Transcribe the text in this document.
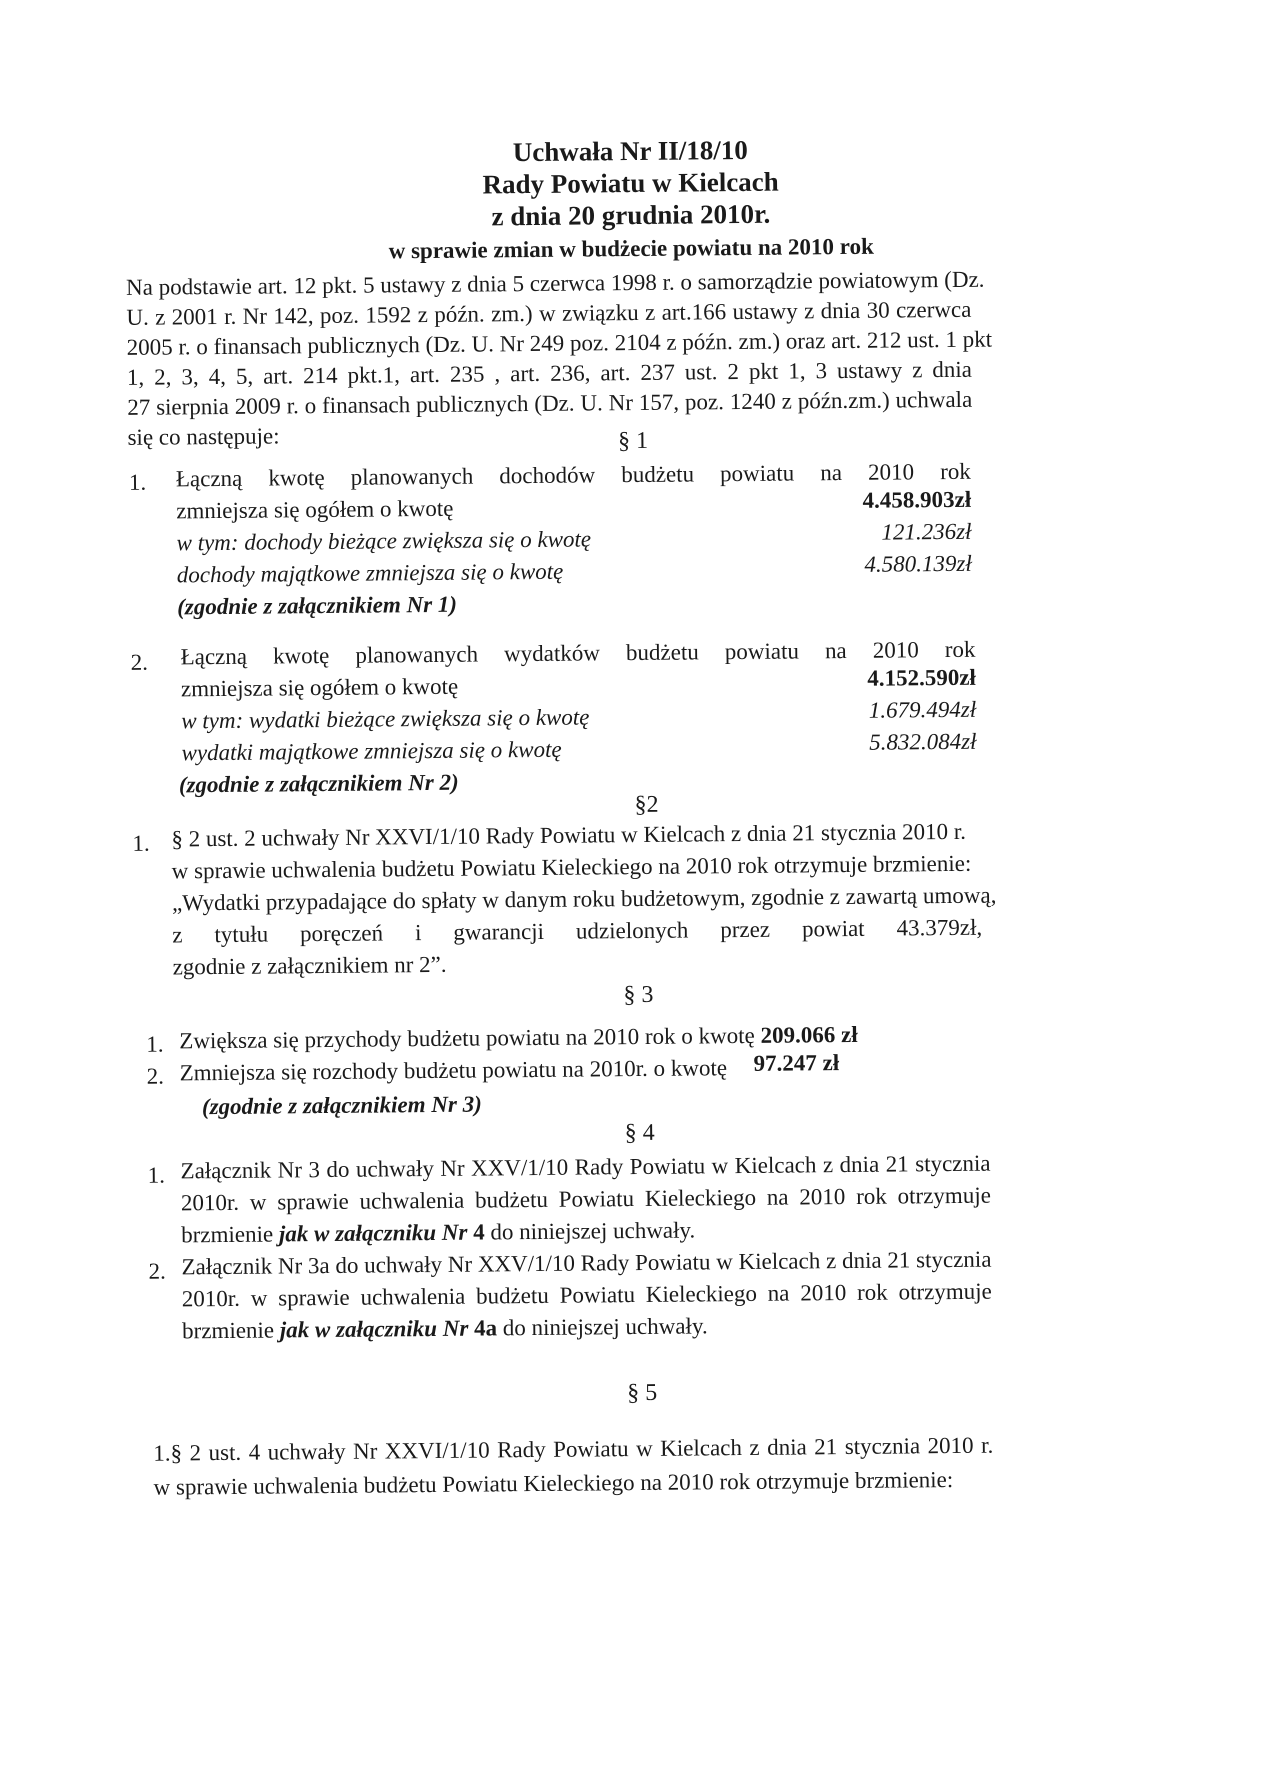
Uchwała Nr II/18/10
Rady Powiatu w Kielcach
z dnia 20 grudnia 2010r.
w sprawie zmian w budżecie powiatu na 2010 rok
Na podstawie art. 12 pkt. 5 ustawy z dnia 5 czerwca 1998 r. o samorządzie powiatowym (Dz.
U. z 2001 r. Nr 142, poz. 1592 z późn. zm.) w związku z art.166 ustawy z dnia 30 czerwca
2005 r. o finansach publicznych (Dz. U. Nr 249 poz. 2104 z późn. zm.) oraz art. 212 ust. 1 pkt
1, 2, 3, 4, 5, art. 214 pkt.1, art. 235 , art. 236, art. 237 ust. 2 pkt 1, 3 ustawy z dnia
27 sierpnia 2009 r. o finansach publicznych (Dz. U. Nr 157, poz. 1240 z późn.zm.) uchwala
się co następuje:	§ 1
1. Łączną kwotę planowanych dochodów budżetu powiatu na 2010 rok
zmniejsza się ogółem o kwotę	4.458.903zł
w tym: dochody bieżące zwiększa się o kwotę	121.236zł
dochody majątkowe zmniejsza się o kwotę	4.580.139zł
(zgodnie z załącznikiem Nr 1)
2. Łączną kwotę planowanych wydatków budżetu powiatu na 2010 rok
zmniejsza się ogółem o kwotę	4.152.590zł
w tym: wydatki bieżące zwiększa się o kwotę	1.679.494zł
wydatki majątkowe zmniejsza się o kwotę	5.832.084zł
(zgodnie z załącznikiem Nr 2)
§2
1. § 2 ust. 2 uchwały Nr XXVI/1/10 Rady Powiatu w Kielcach z dnia 21 stycznia 2010 r.
w sprawie uchwalenia budżetu Powiatu Kieleckiego na 2010 rok otrzymuje brzmienie:
„Wydatki przypadające do spłaty w danym roku budżetowym, zgodnie z zawartą umową,
z tytułu poręczeń i gwarancji udzielonych przez powiat 43.379zł,
zgodnie z załącznikiem nr 2”.
§ 3
1. Zwiększa się przychody budżetu powiatu na 2010 rok o kwotę 209.066 zł
2. Zmniejsza się rozchody budżetu powiatu na 2010r. o kwotę 97.247 zł
(zgodnie z załącznikiem Nr 3)
§ 4
1. Załącznik Nr 3 do uchwały Nr XXV/1/10 Rady Powiatu w Kielcach z dnia 21 stycznia
2010r. w sprawie uchwalenia budżetu Powiatu Kieleckiego na 2010 rok otrzymuje
brzmienie jak w załączniku Nr 4 do niniejszej uchwały.
2. Załącznik Nr 3a do uchwały Nr XXV/1/10 Rady Powiatu w Kielcach z dnia 21 stycznia
2010r. w sprawie uchwalenia budżetu Powiatu Kieleckiego na 2010 rok otrzymuje
brzmienie jak w załączniku Nr 4a do niniejszej uchwały.
§ 5
1.§ 2 ust. 4 uchwały Nr XXVI/1/10 Rady Powiatu w Kielcach z dnia 21 stycznia 2010 r.
w sprawie uchwalenia budżetu Powiatu Kieleckiego na 2010 rok otrzymuje brzmienie:
